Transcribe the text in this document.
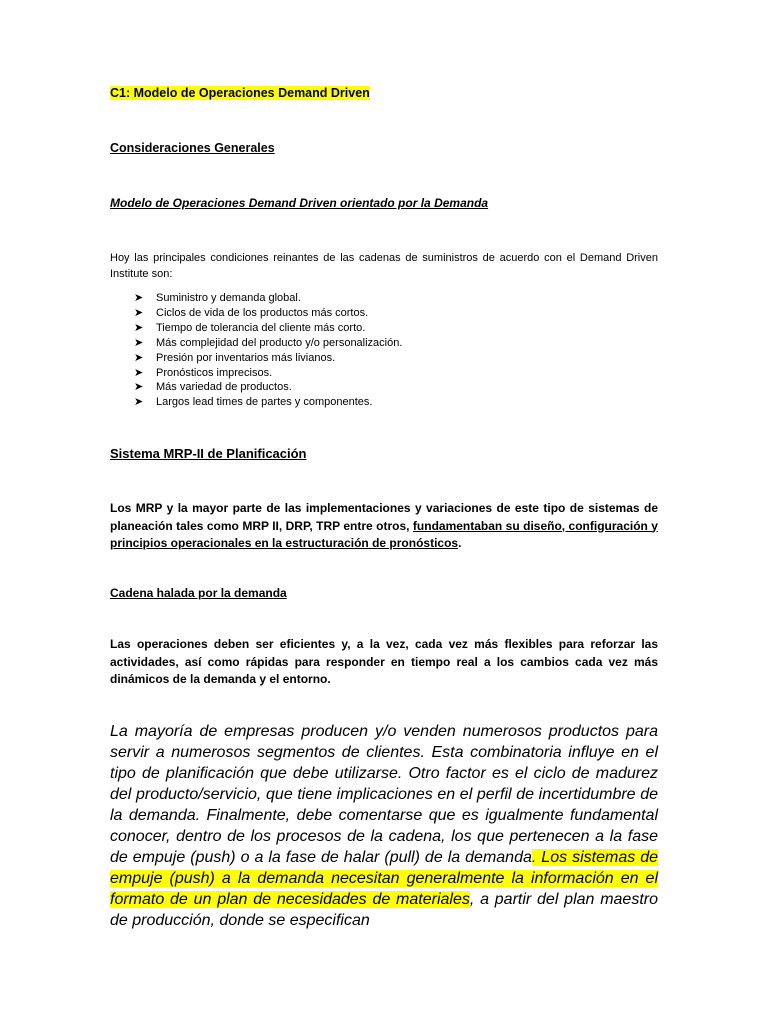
C1: Modelo de Operaciones Demand Driven
Consideraciones Generales
Modelo de Operaciones Demand Driven orientado por la Demanda
Hoy las principales condiciones reinantes de las cadenas de suministros de acuerdo con el Demand Driven Institute son:
➤ Suministro y demanda global.
➤ Ciclos de vida de los productos más cortos.
➤ Tiempo de tolerancia del cliente más corto.
➤ Más complejidad del producto y/o personalización.
➤ Presión por inventarios más livianos.
➤ Pronósticos imprecisos.
➤ Más variedad de productos.
➤ Largos lead times de partes y componentes.
Sistema MRP-II de Planificación
Los MRP y la mayor parte de las implementaciones y variaciones de este tipo de sistemas de planeación tales como MRP II, DRP, TRP entre otros, fundamentaban su diseño, configuración y principios operacionales en la estructuración de pronósticos.
Cadena halada por la demanda
Las operaciones deben ser eficientes y, a la vez, cada vez más flexibles para reforzar las actividades, así como rápidas para responder en tiempo real a los cambios cada vez más dinámicos de la demanda y el entorno.
La mayoría de empresas producen y/o venden numerosos productos para servir a numerosos segmentos de clientes. Esta combinatoria influye en el tipo de planificación que debe utilizarse. Otro factor es el ciclo de madurez del producto/servicio, que tiene implicaciones en el perfil de incertidumbre de la demanda. Finalmente, debe comentarse que es igualmente fundamental conocer, dentro de los procesos de la cadena, los que pertenecen a la fase de empuje (push) o a la fase de halar (pull) de la demanda. Los sistemas de empuje (push) a la demanda necesitan generalmente la información en el formato de un plan de necesidades de materiales, a partir del plan maestro de producción, donde se especifican
